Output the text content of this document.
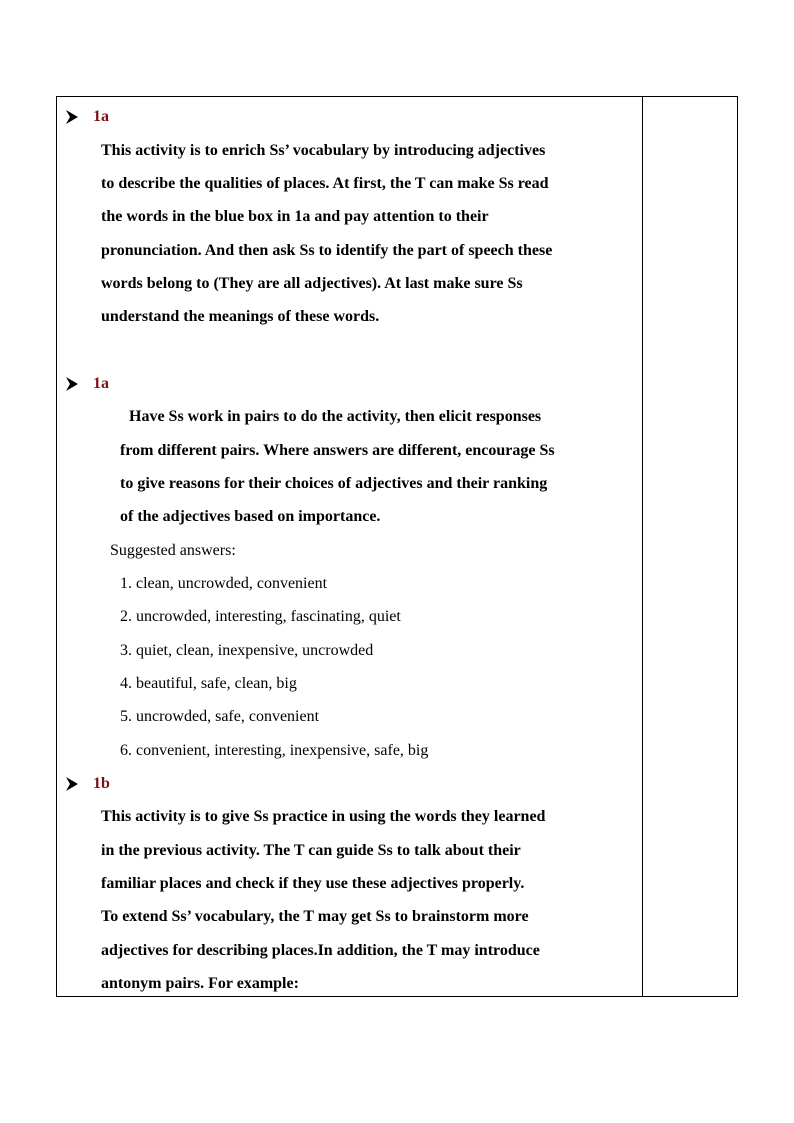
1a
This activity is to enrich Ss’ vocabulary by introducing adjectives
to describe the qualities of places. At first, the T can make Ss read
the words in the blue box in 1a and pay attention to their
pronunciation. And then ask Ss to identify the part of speech these
words belong to (They are all adjectives). At last make sure Ss
understand the meanings of these words.
1a
Have Ss work in pairs to do the activity, then elicit responses
from different pairs. Where answers are different, encourage Ss
to give reasons for their choices of adjectives and their ranking
of the adjectives based on importance.
Suggested answers:
1. clean, uncrowded, convenient
2. uncrowded, interesting, fascinating, quiet
3. quiet, clean, inexpensive, uncrowded
4. beautiful, safe, clean, big
5. uncrowded, safe, convenient
6. convenient, interesting, inexpensive, safe, big
1b
This activity is to give Ss practice in using the words they learned
in the previous activity. The T can guide Ss to talk about their
familiar places and check if they use these adjectives properly.
To extend Ss’ vocabulary, the T may get Ss to brainstorm more
adjectives for describing places.In addition, the T may introduce
antonym pairs. For example:
